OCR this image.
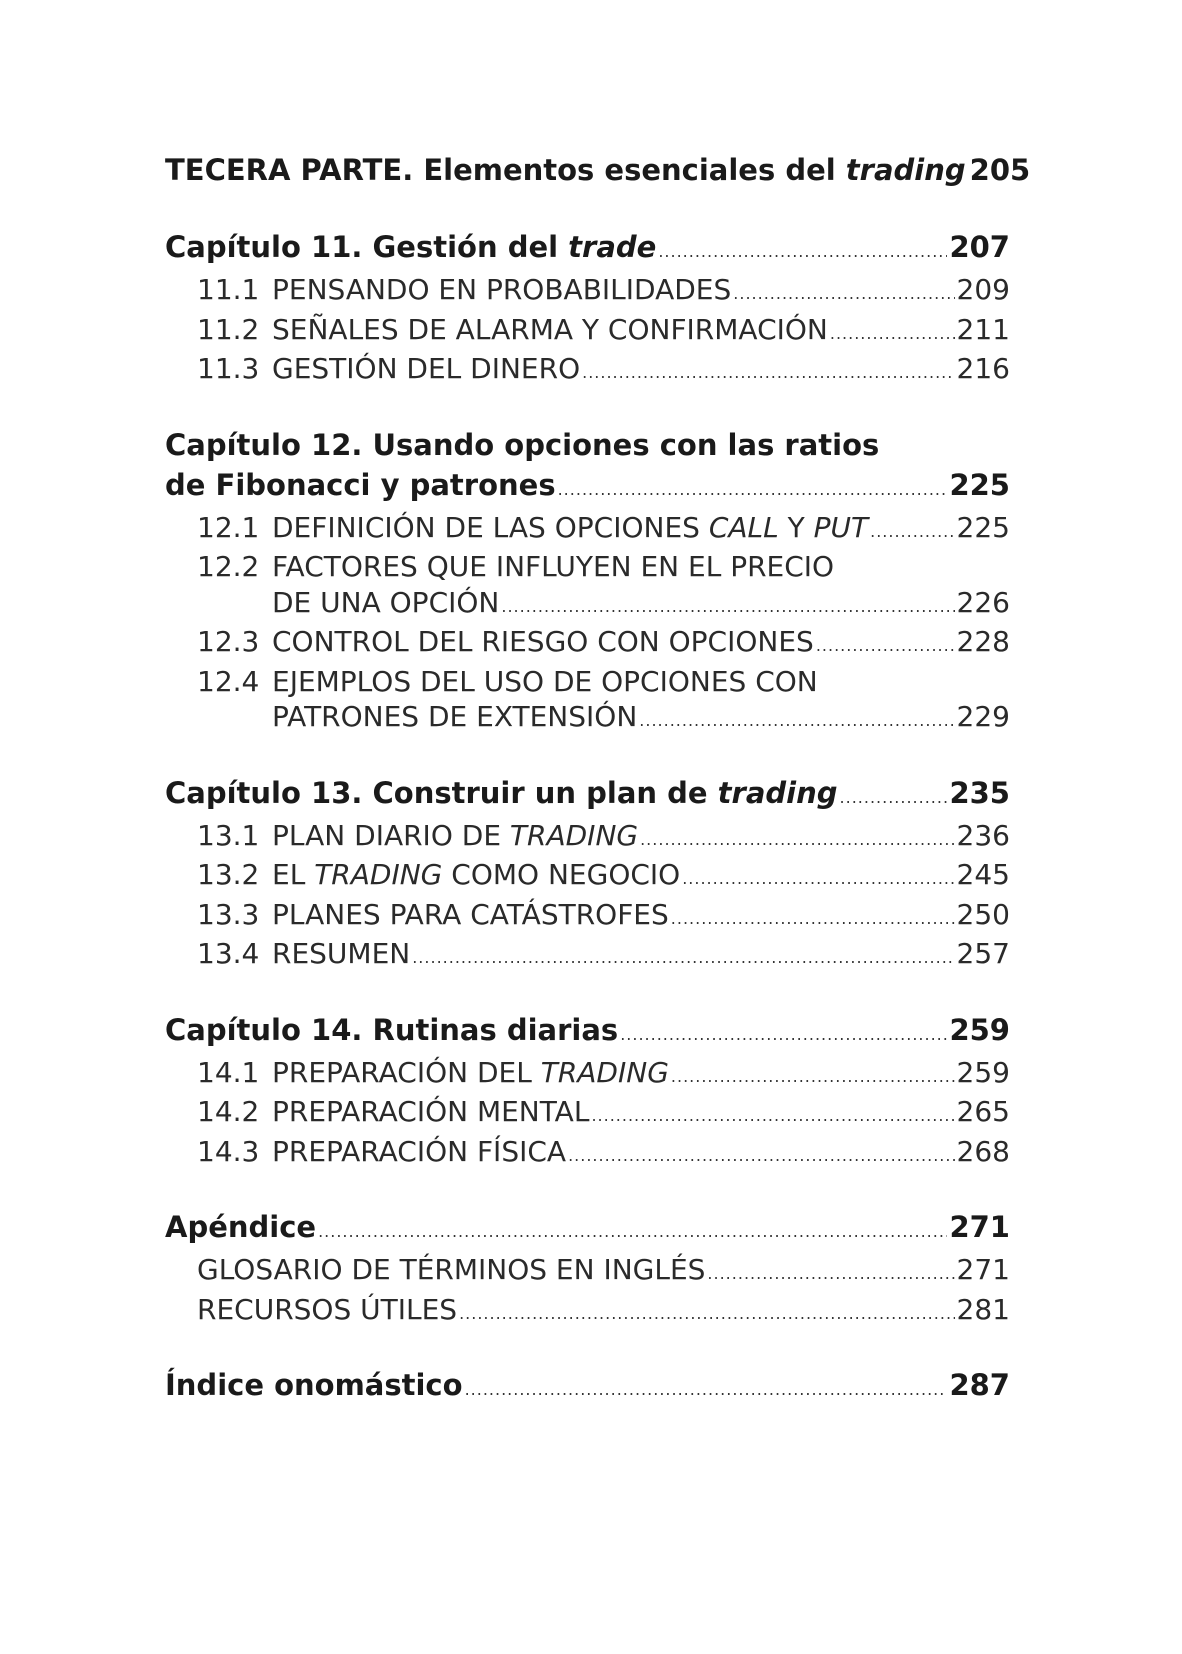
TECERA PARTE. Elementos esenciales del trading 205
Capítulo 11. Gestión del trade .....	207
11.1 PENSANDO EN PROBABILIDADES .....	209
11.2 SEÑALES DE ALARMA Y CONFIRMACIÓN .....	211
11.3 GESTIÓN DEL DINERO .....	216
Capítulo 12. Usando opciones con las ratios
de Fibonacci y patrones .....	225
12.1 DEFINICIÓN DE LAS OPCIONES CALL Y PUT .....	225
12.2 FACTORES QUE INFLUYEN EN EL PRECIO
DE UNA OPCIÓN .....	226
12.3 CONTROL DEL RIESGO CON OPCIONES .....	228
12.4 EJEMPLOS DEL USO DE OPCIONES CON
PATRONES DE EXTENSIÓN .....	229
Capítulo 13. Construir un plan de trading .....	235
13.1 PLAN DIARIO DE TRADING .....	236
13.2 EL TRADING COMO NEGOCIO .....	245
13.3 PLANES PARA CATÁSTROFES .....	250
13.4 RESUMEN .....	257
Capítulo 14. Rutinas diarias .....	259
14.1 PREPARACIÓN DEL TRADING .....	259
14.2 PREPARACIÓN MENTAL .....	265
14.3 PREPARACIÓN FÍSICA .....	268
Apéndice .....	271
GLOSARIO DE TÉRMINOS EN INGLÉS .....	271
RECURSOS ÚTILES .....	281
Índice onomástico .....	287
